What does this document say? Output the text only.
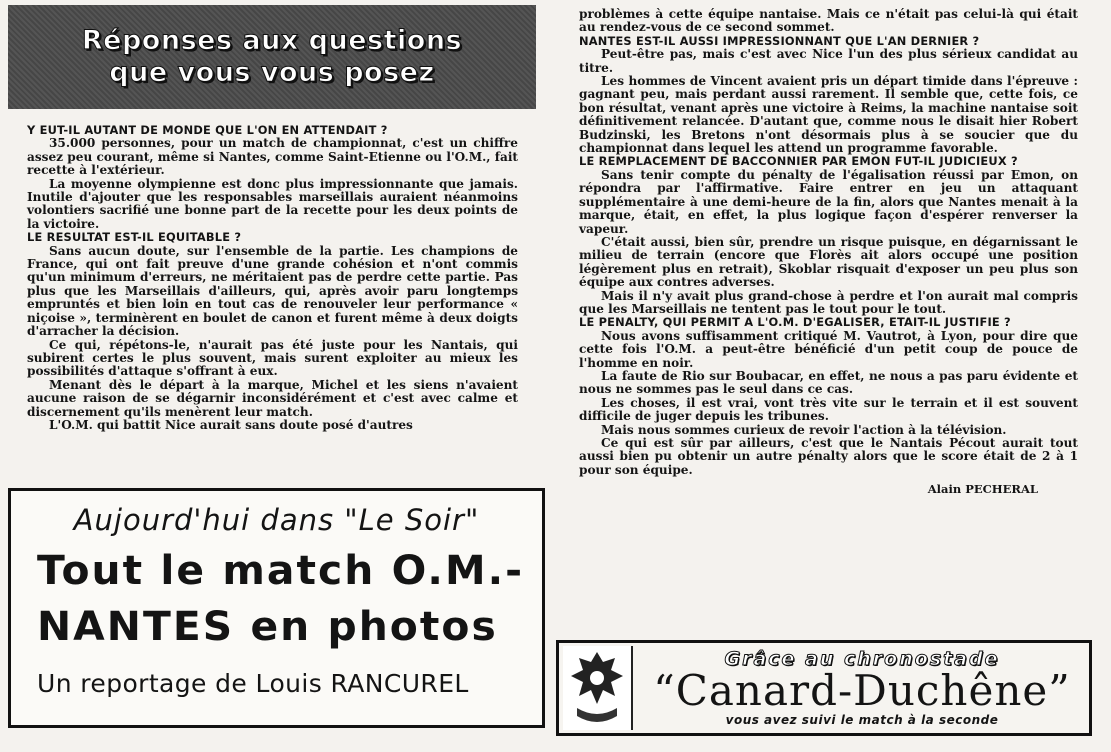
Réponses aux questions
que vous vous posez

Y EUT-IL AUTANT DE MONDE QUE L'ON EN ATTENDAIT ?

35.000 personnes, pour un match de championnat, c'est un chiffre assez peu courant, même si Nantes, comme Saint-Etienne ou l'O.M., fait recette à l'extérieur.

La moyenne olympienne est donc plus impressionnante que jamais. Inutile d'ajouter que les responsables marseillais auraient néanmoins volontiers sacrifié une bonne part de la recette pour les deux points de la victoire.

LE RESULTAT EST-IL EQUITABLE ?

Sans aucun doute, sur l'ensemble de la partie. Les champions de France, qui ont fait preuve d'une grande cohésion et n'ont commis qu'un minimum d'erreurs, ne méritaient pas de perdre cette partie. Pas plus que les Marseillais d'ailleurs, qui, après avoir paru longtemps empruntés et bien loin en tout cas de renouveler leur performance « niçoise », terminèrent en boulet de canon et furent même à deux doigts d'arracher la décision.

Ce qui, répétons-le, n'aurait pas été juste pour les Nantais, qui subirent certes le plus souvent, mais surent exploiter au mieux les possibilités d'attaque s'offrant à eux.

Menant dès le départ à la marque, Michel et les siens n'avaient aucune raison de se dégarnir inconsidérément et c'est avec calme et discernement qu'ils menèrent leur match.

L'O.M. qui battit Nice aurait sans doute posé d'autres

problèmes à cette équipe nantaise. Mais ce n'était pas celui-là qui était au rendez-vous de ce second sommet.

NANTES EST-IL AUSSI IMPRESSIONNANT QUE L'AN DERNIER ?

Peut-être pas, mais c'est avec Nice l'un des plus sérieux candidat au titre.

Les hommes de Vincent avaient pris un départ timide dans l'épreuve : gagnant peu, mais perdant aussi rarement. Il semble que, cette fois, ce bon résultat, venant après une victoire à Reims, la machine nantaise soit définitivement relancée. D'autant que, comme nous le disait hier Robert Budzinski, les Bretons n'ont désormais plus à se soucier que du championnat dans lequel les attend un programme favorable.

LE REMPLACEMENT DE BACCONNIER PAR EMON FUT-IL JUDICIEUX ?

Sans tenir compte du pénalty de l'égalisation réussi par Emon, on répondra par l'affirmative. Faire entrer en jeu un attaquant supplémentaire à une demi-heure de la fin, alors que Nantes menait à la marque, était, en effet, la plus logique façon d'espérer renverser la vapeur.

C'était aussi, bien sûr, prendre un risque puisque, en dégarnissant le milieu de terrain (encore que Florès ait alors occupé une position légèrement plus en retrait), Skoblar risquait d'exposer un peu plus son équipe aux contres adverses.

Mais il n'y avait plus grand-chose à perdre et l'on aurait mal compris que les Marseillais ne tentent pas le tout pour le tout.

LE PENALTY, QUI PERMIT A L'O.M. D'EGALISER, ETAIT-IL JUSTIFIE ?

Nous avons suffisamment critiqué M. Vautrot, à Lyon, pour dire que cette fois l'O.M. a peut-être bénéficié d'un petit coup de pouce de l'homme en noir.

La faute de Rio sur Boubacar, en effet, ne nous a pas paru évidente et nous ne sommes pas le seul dans ce cas.

Les choses, il est vrai, vont très vite sur le terrain et il est souvent difficile de juger depuis les tribunes.

Mais nous sommes curieux de revoir l'action à la télévision.

Ce qui est sûr par ailleurs, c'est que le Nantais Pécout aurait tout aussi bien pu obtenir un autre pénalty alors que le score était de 2 à 1 pour son équipe.

Alain PECHERAL
Aujourd'hui dans "Le Soir"
Tout le match O.M.-
NANTES en photos
Un reportage de Louis RANCUREL
Grâce au chronostade
“Canard-Duchêne”
vous avez suivi le match à la seconde
